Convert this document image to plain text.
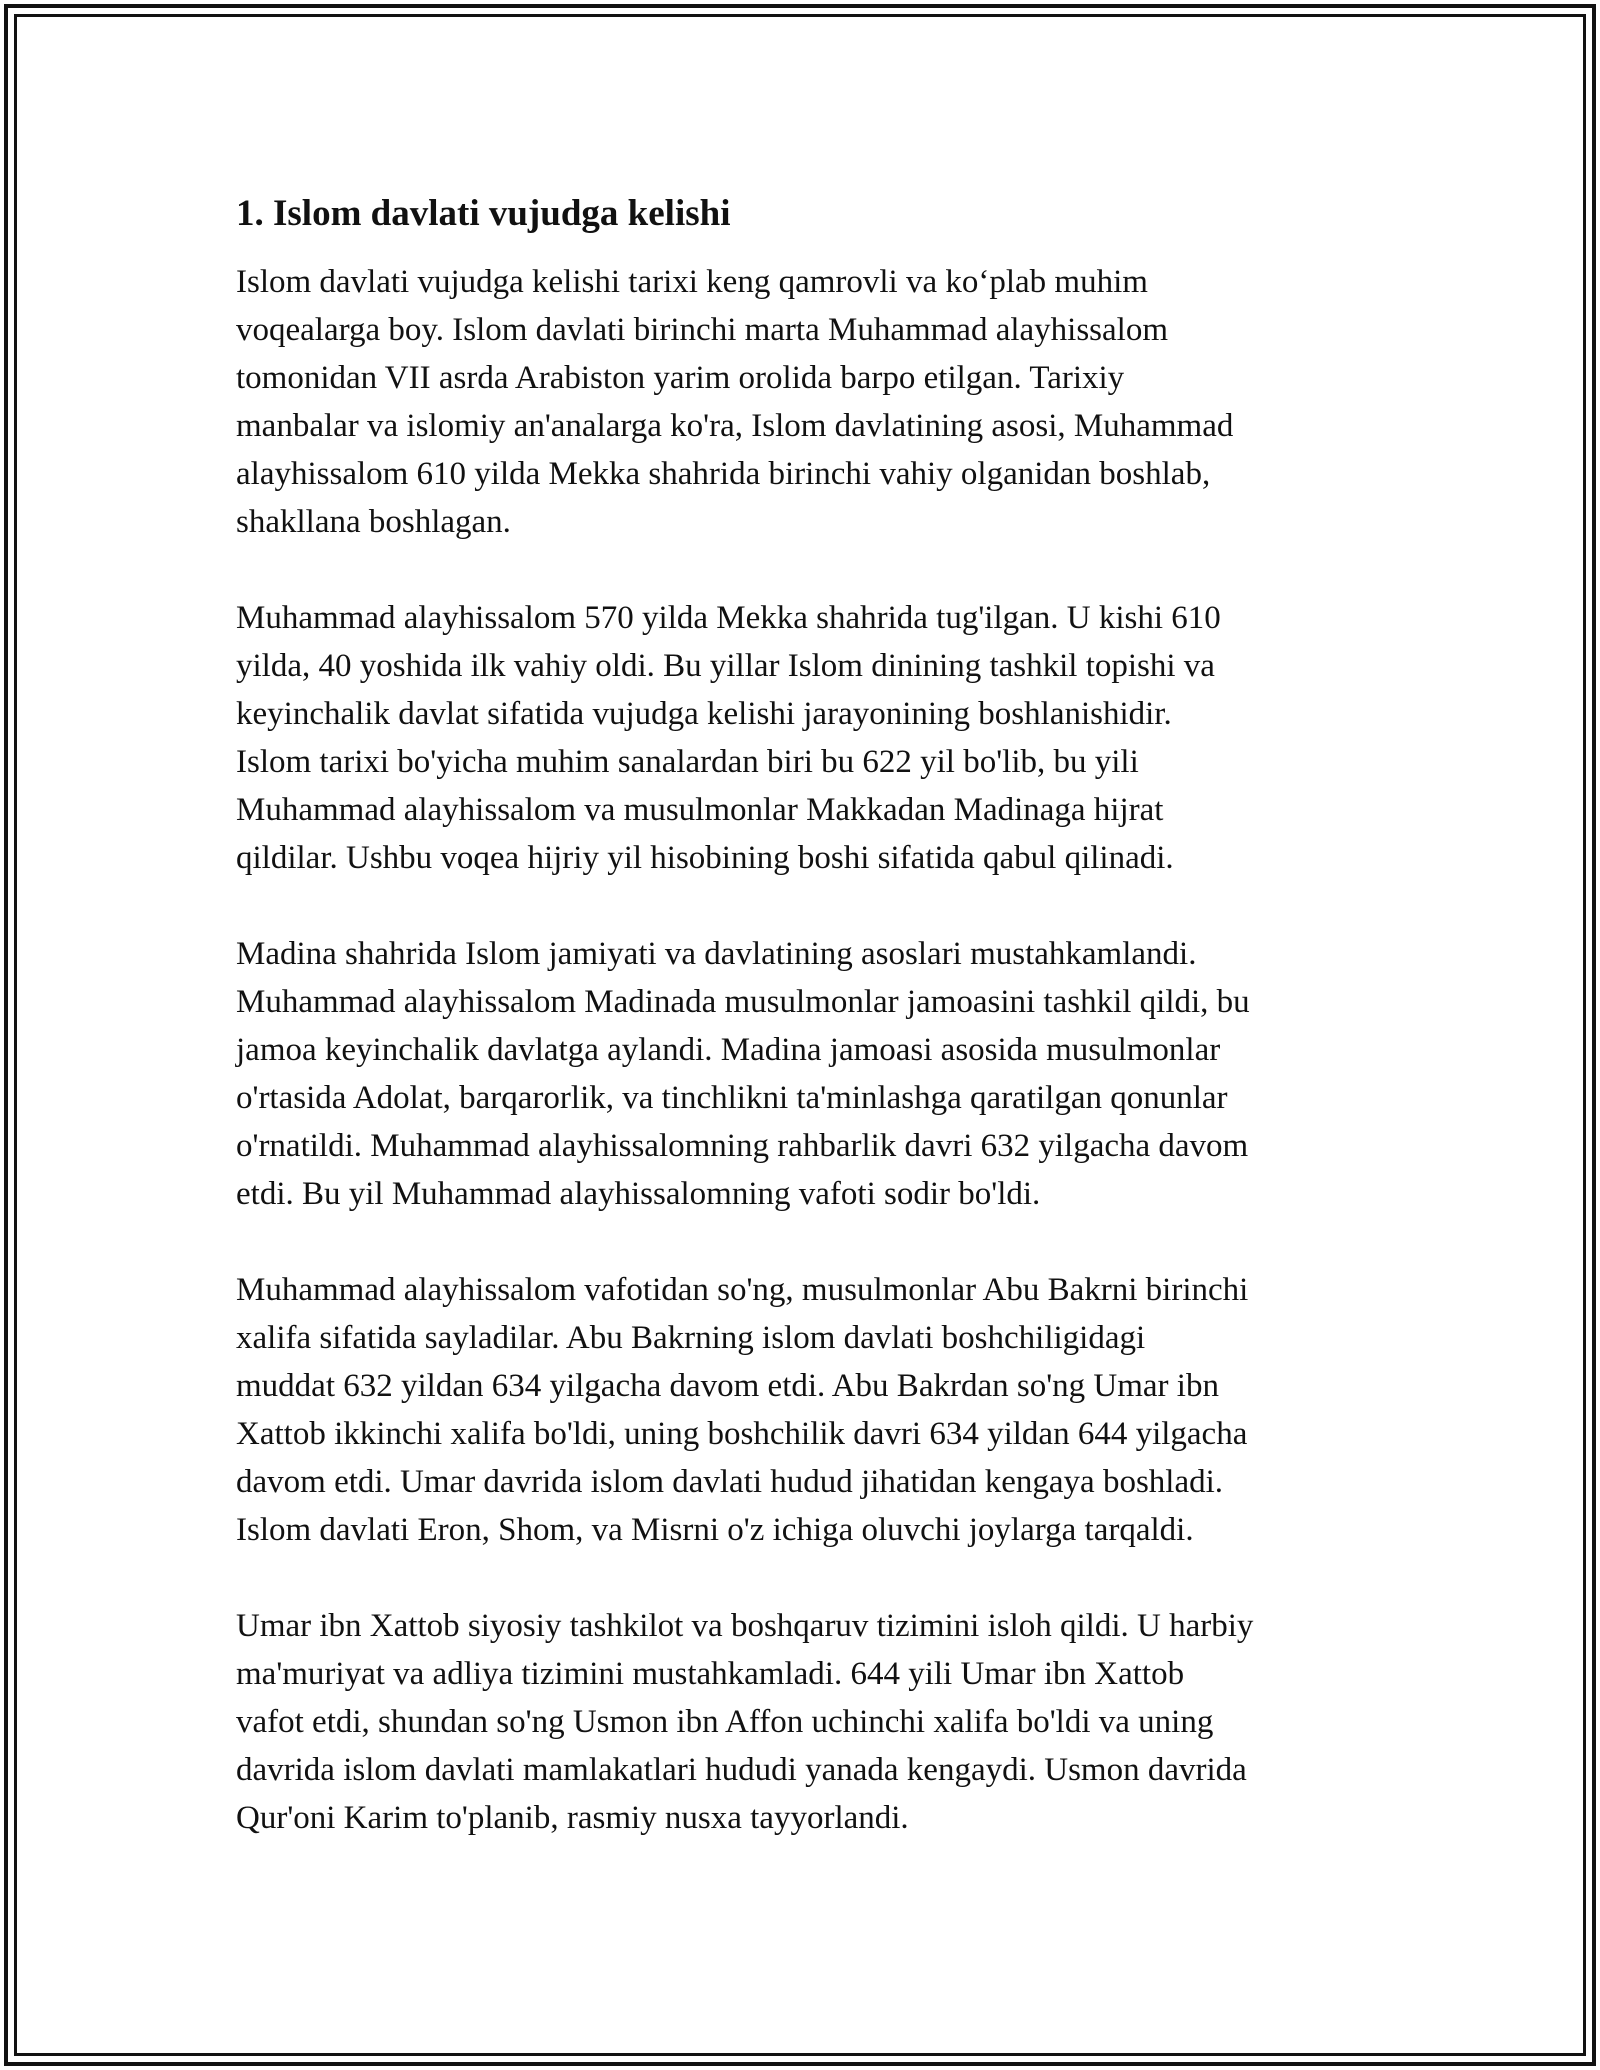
1. Islom davlati vujudga kelishi

Islom davlati vujudga kelishi tarixi keng qamrovli va ko‘plab muhim
voqealarga boy. Islom davlati birinchi marta Muhammad alayhissalom
tomonidan VII asrda Arabiston yarim orolida barpo etilgan. Tarixiy
manbalar va islomiy an'analarga ko'ra, Islom davlatining asosi, Muhammad
alayhissalom 610 yilda Mekka shahrida birinchi vahiy olganidan boshlab,
shakllana boshlagan.

Muhammad alayhissalom 570 yilda Mekka shahrida tug'ilgan. U kishi 610
yilda, 40 yoshida ilk vahiy oldi. Bu yillar Islom dinining tashkil topishi va
keyinchalik davlat sifatida vujudga kelishi jarayonining boshlanishidir.
Islom tarixi bo'yicha muhim sanalardan biri bu 622 yil bo'lib, bu yili
Muhammad alayhissalom va musulmonlar Makkadan Madinaga hijrat
qildilar. Ushbu voqea hijriy yil hisobining boshi sifatida qabul qilinadi.

Madina shahrida Islom jamiyati va davlatining asoslari mustahkamlandi.
Muhammad alayhissalom Madinada musulmonlar jamoasini tashkil qildi, bu
jamoa keyinchalik davlatga aylandi. Madina jamoasi asosida musulmonlar
o'rtasida Adolat, barqarorlik, va tinchlikni ta'minlashga qaratilgan qonunlar
o'rnatildi. Muhammad alayhissalomning rahbarlik davri 632 yilgacha davom
etdi. Bu yil Muhammad alayhissalomning vafoti sodir bo'ldi.

Muhammad alayhissalom vafotidan so'ng, musulmonlar Abu Bakrni birinchi
xalifa sifatida sayladilar. Abu Bakrning islom davlati boshchiligidagi
muddat 632 yildan 634 yilgacha davom etdi. Abu Bakrdan so'ng Umar ibn
Xattob ikkinchi xalifa bo'ldi, uning boshchilik davri 634 yildan 644 yilgacha
davom etdi. Umar davrida islom davlati hudud jihatidan kengaya boshladi.
Islom davlati Eron, Shom, va Misrni o'z ichiga oluvchi joylarga tarqaldi.

Umar ibn Xattob siyosiy tashkilot va boshqaruv tizimini isloh qildi. U harbiy
ma'muriyat va adliya tizimini mustahkamladi. 644 yili Umar ibn Xattob
vafot etdi, shundan so'ng Usmon ibn Affon uchinchi xalifa bo'ldi va uning
davrida islom davlati mamlakatlari hududi yanada kengaydi. Usmon davrida
Qur'oni Karim to'planib, rasmiy nusxa tayyorlandi.
